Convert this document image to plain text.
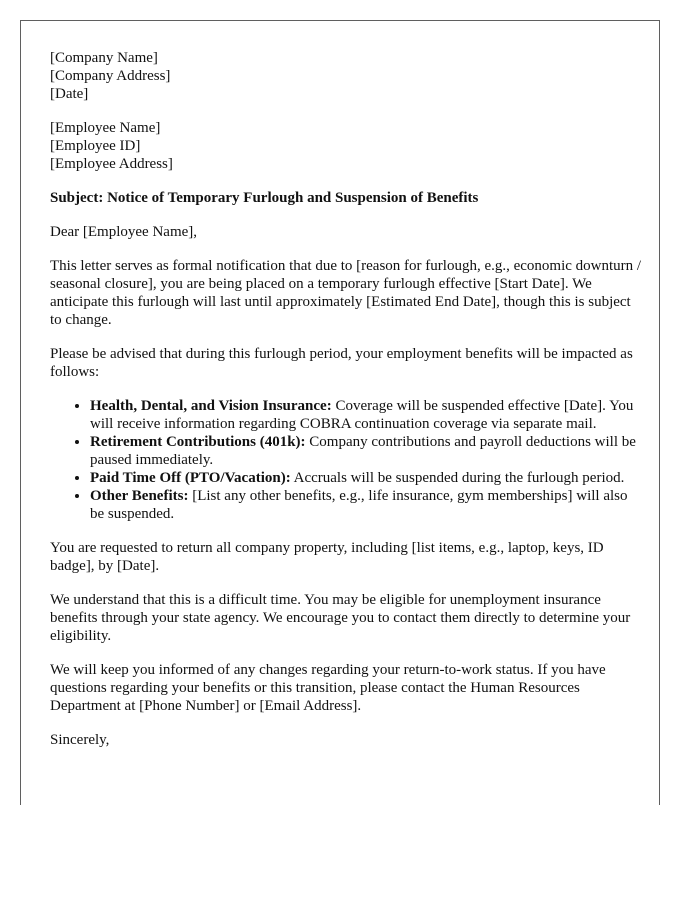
[Company Name]
[Company Address]
[Date]
[Employee Name]
[Employee ID]
[Employee Address]

Subject: Notice of Temporary Furlough and Suspension of Benefits

Dear [Employee Name],

This letter serves as formal notification that due to [reason for furlough, e.g., economic downturn / seasonal closure], you are being placed on a temporary furlough effective [Start Date]. We anticipate this furlough will last until approximately [Estimated End Date], though this is subject to change.

Please be advised that during this furlough period, your employment benefits will be impacted as follows:

• Health, Dental, and Vision Insurance: Coverage will be suspended effective [Date]. You will receive information regarding COBRA continuation coverage via separate mail.
• Retirement Contributions (401k): Company contributions and payroll deductions will be paused immediately.
• Paid Time Off (PTO/Vacation): Accruals will be suspended during the furlough period.
• Other Benefits: [List any other benefits, e.g., life insurance, gym memberships] will also be suspended.

You are requested to return all company property, including [list items, e.g., laptop, keys, ID badge], by [Date].

We understand that this is a difficult time. You may be eligible for unemployment insurance benefits through your state agency. We encourage you to contact them directly to determine your eligibility.

We will keep you informed of any changes regarding your return-to-work status. If you have questions regarding your benefits or this transition, please contact the Human Resources Department at [Phone Number] or [Email Address].

Sincerely,
